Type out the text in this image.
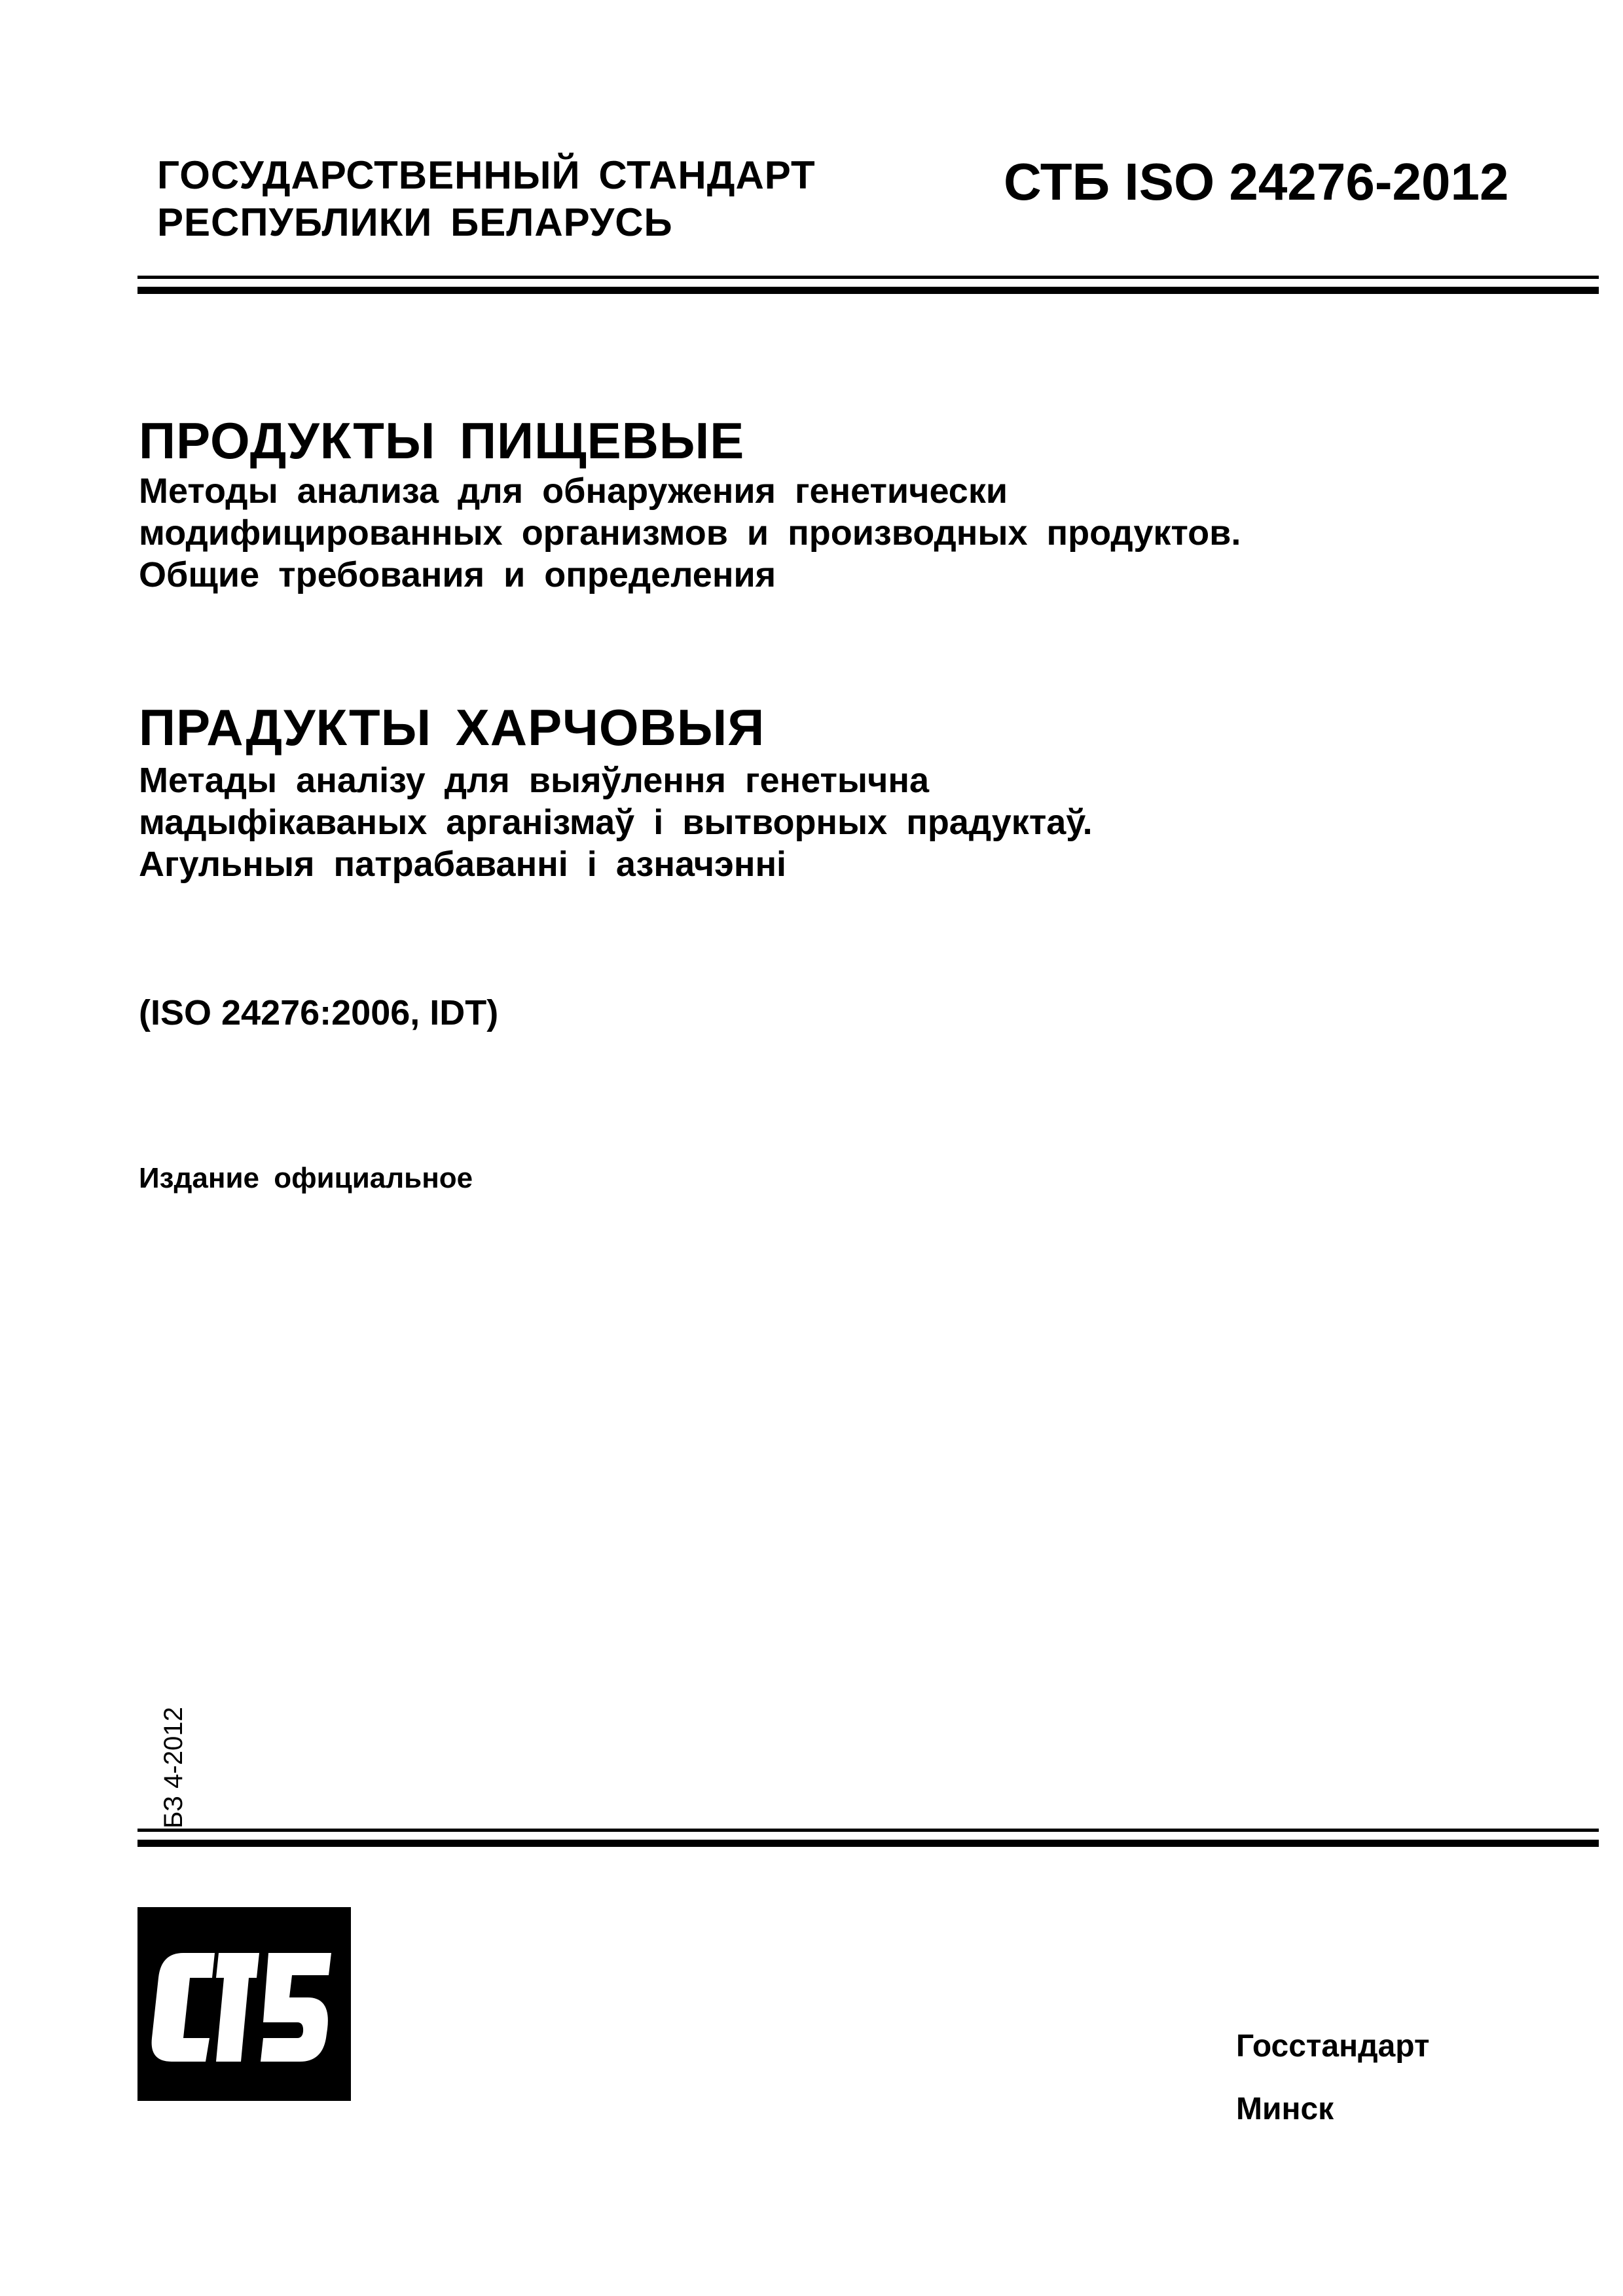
ГОСУДАРСТВЕННЫЙ СТАНДАРТ
РЕСПУБЛИКИ БЕЛАРУСЬ
СТБ ISO 24276-2012
ПРОДУКТЫ ПИЩЕВЫЕ
Методы анализа для обнаружения генетически
модифицированных организмов и производных продуктов.
Общие требования и определения
ПРАДУКТЫ ХАРЧОВЫЯ
Метады аналізу для выяўлення генетычна
мадыфікаваных арганізмаў і вытворных прадуктаў.
Агульныя патрабаванні і азначэнні
(ISO 24276:2006, IDT)
Издание официальное
БЗ 4-2012
Госстандарт
Минск
